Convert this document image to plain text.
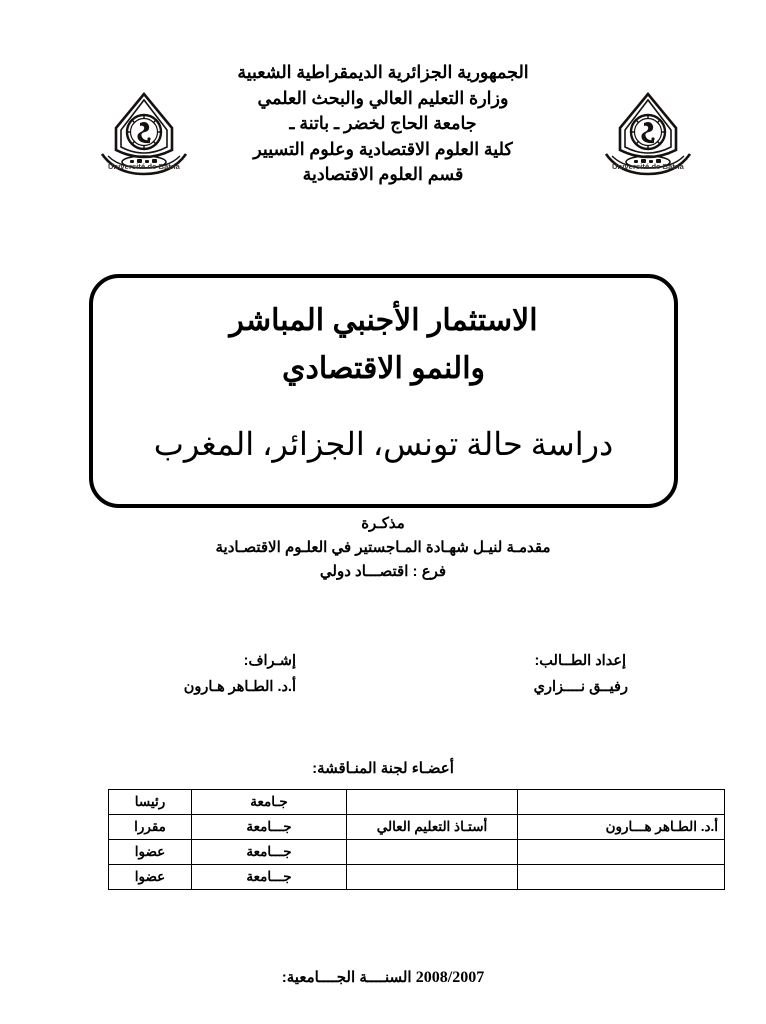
Université de Batna
الجمهورية الجزائرية الديمقراطية الشعبية
وزارة التعليم العالي والبحث العلمي
جامعة الحاج لخضر ـ باتنة ـ
كلية العلوم الاقتصادية وعلوم التسيير
قسم العلوم الاقتصادية	Université de Batna
الاستثمار الأجنبي المباشر
والنمو الاقتصادي
دراسة حالة تونس، الجزائر، المغرب
مذكـرة
مقدمـة لنيـل شهـادة المـاجستير في العلـوم الاقتصـادية
فرع : اقتصـــاد دولي
إعداد الطــالب:
رفيــق نــــزاري
إشـراف:
أ.د. الطـاهر هـارون
أعضـاء لجنة المنـاقشة:
		جـامعة	رئيسا
أ.د. الطـاهر هـــارون	أستـاذ التعليم العالي	جـــامعة	مقررا
		جـــامعة	عضوا
		جـــامعة	عضوا
2008/2007 السنــــة الجــــامعية:
